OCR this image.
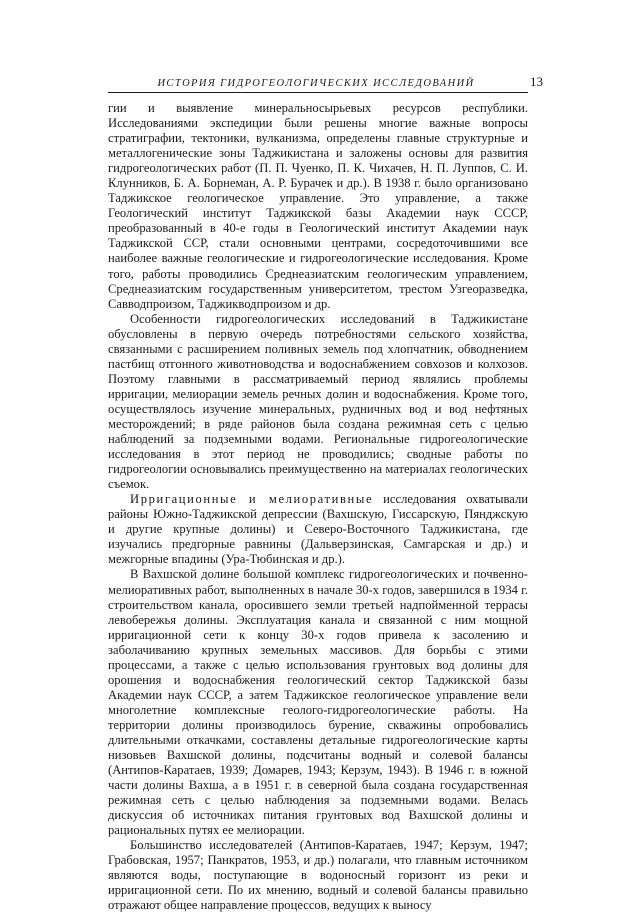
ИСТОРИЯ ГИДРОГЕОЛОГИЧЕСКИХ ИССЛЕДОВАНИЙ	13

гии и выявление минеральносырьевых ресурсов республики. Исследованиями экспедиции были решены многие важные вопросы стратиграфии, тектоники, вулканизма, определены главные структурные и металлогенические зоны Таджикистана и заложены основы для развития гидрогеологических работ (П. П. Чуенко, П. К. Чихачев, Н. П. Луппов, С. И. Клунников, Б. А. Борнеман, А. Р. Бурачек и др.). В 1938 г. было организовано Таджикское геологическое управление. Это управление, а также Геологический институт Таджикской базы Академии наук СССР, преобразованный в 40-е годы в Геологический институт Академии наук Таджикской ССР, стали основными центрами, сосредоточившими все наиболее важные геологические и гидрогеологические исследования. Кроме того, работы проводились Среднеазиатским геологическим управлением, Среднеазиатским государственным университетом, трестом Узгеоразведка, Савводпроизом, Таджикводпроизом и др.

Особенности гидрогеологических исследований в Таджикистане обусловлены в первую очередь потребностями сельского хозяйства, связанными с расширением поливных земель под хлопчатник, обводнением пастбищ отгонного животноводства и водоснабжением совхозов и колхозов. Поэтому главными в рассматриваемый период являлись проблемы ирригации, мелиорации земель речных долин и водоснабжения. Кроме того, осуществлялось изучение минеральных, рудничных вод и вод нефтяных месторождений; в ряде районов была создана режимная сеть с целью наблюдений за подземными водами. Региональные гидрогеологические исследования в этот период не проводились; сводные работы по гидрогеологии основывались преимущественно на материалах геологических съемок.

Ирригационные и мелиоративные исследования охватывали районы Южно-Таджикской депрессии (Вахшскую, Гиссарскую, Пянджскую и другие крупные долины) и Северо-Восточного Таджикистана, где изучались предгорные равнины (Дальверзинская, Самгарская и др.) и межгорные впадины (Ура-Тюбинская и др.).

В Вахшской долине большой комплекс гидрогеологических и почвенно-мелиоративных работ, выполненных в начале 30-х годов, завершился в 1934 г. строительством канала, оросившего земли третьей надпойменной террасы левобережья долины. Эксплуатация канала и связанной с ним мощной ирригационной сети к концу 30-х годов привела к засолению и заболачиванию крупных земельных массивов. Для борьбы с этими процессами, а также с целью использования грунтовых вод долины для орошения и водоснабжения геологический сектор Таджикской базы Академии наук СССР, а затем Таджикское геологическое управление вели многолетние комплексные геолого-гидрогеологические работы. На территории долины производилось бурение, скважины опробовались длительными откачками, составлены детальные гидрогеологические карты низовьев Вахшской долины, подсчитаны водный и солевой балансы (Антипов-Каратаев, 1939; Домарев, 1943; Керзум, 1943). В 1946 г. в южной части долины Вахша, а в 1951 г. в северной была создана государственная режимная сеть с целью наблюдения за подземными водами. Велась дискуссия об источниках питания грунтовых вод Вахшской долины и рациональных путях ее мелиорации.

Большинство исследователей (Антипов-Каратаев, 1947; Керзум, 1947; Грабовская, 1957; Панкратов, 1953, и др.) полагали, что главным источником являются воды, поступающие в водоносный горизонт из реки и ирригационной сети. По их мнению, водный и солевой балансы правильно отражают общее направление процессов, ведущих к выносу
